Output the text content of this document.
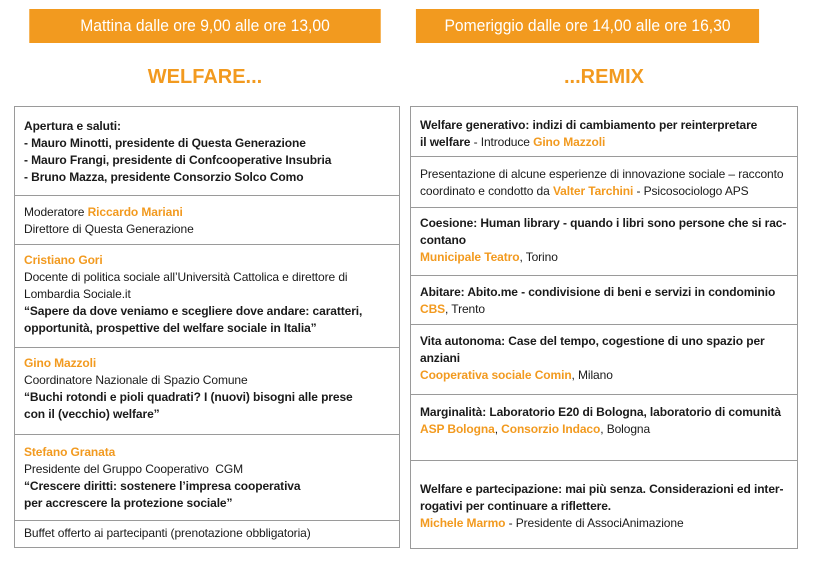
Mattina dalle ore 9,00 alle ore 13,00	Pomeriggio dalle ore 14,00 alle ore 16,30
WELFARE...	...REMIX
Apertura e saluti:
- Mauro Minotti, presidente di Questa Generazione
- Mauro Frangi, presidente di Confcooperative Insubria
- Bruno Mazza, presidente Consorzio Solco Como
Moderatore Riccardo Mariani
Direttore di Questa Generazione
Cristiano Gori
Docente di politica sociale all’Università Cattolica e direttore di
Lombardia Sociale.it
“Sapere da dove veniamo e scegliere dove andare: caratteri,
opportunità, prospettive del welfare sociale in Italia”
Gino Mazzoli
Coordinatore Nazionale di Spazio Comune
“Buchi rotondi e pioli quadrati? I (nuovi) bisogni alle prese
con il (vecchio) welfare”
Stefano Granata
Presidente del Gruppo Cooperativo  CGM
“Crescere diritti: sostenere l’impresa cooperativa
per accrescere la protezione sociale”
Buffet offerto ai partecipanti (prenotazione obbligatoria)
Welfare generativo: indizi di cambiamento per reinterpretare
il welfare - Introduce Gino Mazzoli
Presentazione di alcune esperienze di innovazione sociale – racconto
coordinato e condotto da Valter Tarchini - Psicosociologo APS
Coesione: Human library - quando i libri sono persone che si rac-
contano
Municipale Teatro, Torino
Abitare: Abito.me - condivisione di beni e servizi in condominio
CBS, Trento
Vita autonoma: Case del tempo, cogestione di uno spazio per
anziani
Cooperativa sociale Comin, Milano
Marginalità: Laboratorio E20 di Bologna, laboratorio di comunità
ASP Bologna, Consorzio Indaco, Bologna
Welfare e partecipazione: mai più senza. Considerazioni ed inter-
rogativi per continuare a riflettere.
Michele Marmo - Presidente di AssociAnimazione
